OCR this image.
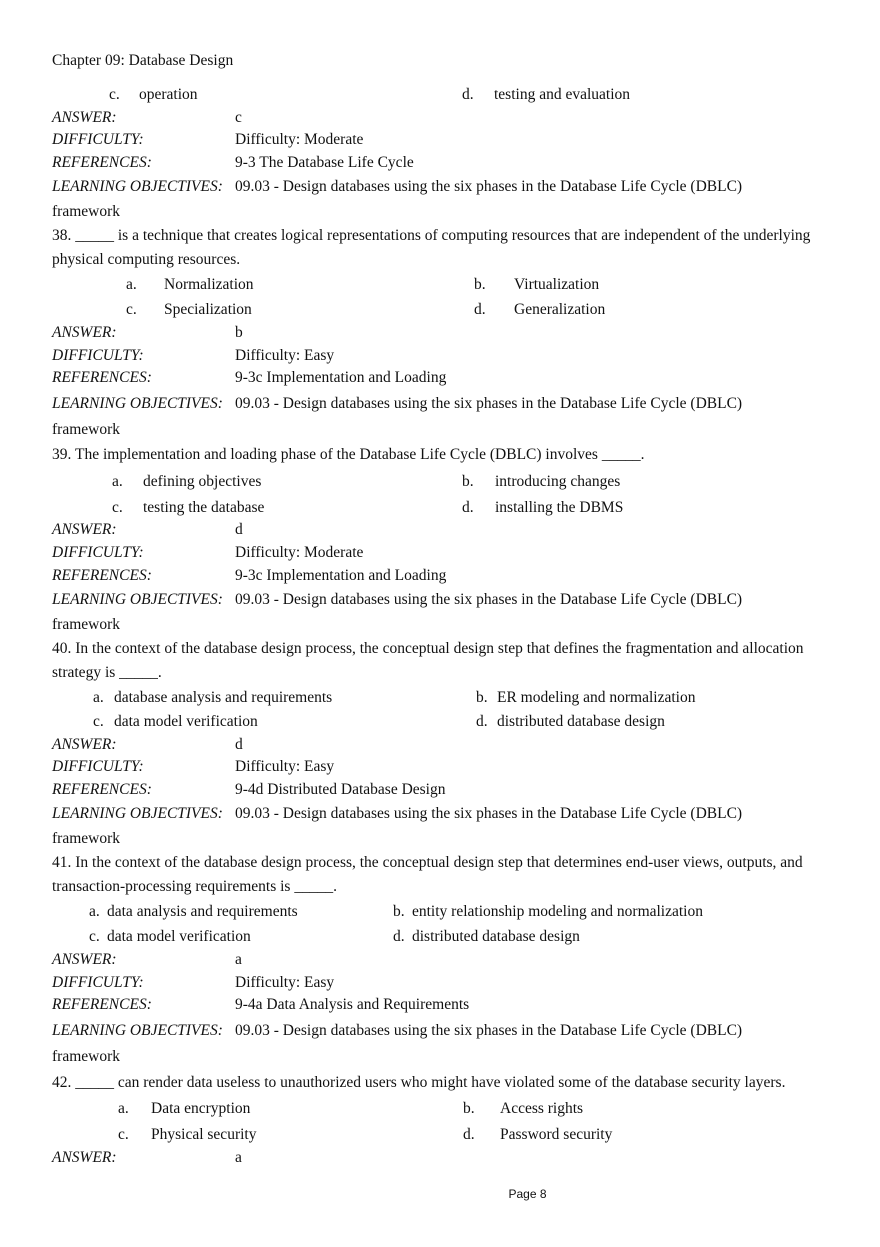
Chapter 09: Database Design
c. operation	d. testing and evaluation
ANSWER:	c
DIFFICULTY:	Difficulty: Moderate
REFERENCES:	9-3 The Database Life Cycle
LEARNING OBJECTIVES: 09.03 - Design databases using the six phases in the Database Life Cycle (DBLC)
framework
38. _____ is a technique that creates logical representations of computing resources that are independent of the underlying physical computing resources.
a. Normalization	b. Virtualization
c. Specialization	d. Generalization
ANSWER:	b
DIFFICULTY:	Difficulty: Easy
REFERENCES:	9-3c Implementation and Loading
LEARNING OBJECTIVES: 09.03 - Design databases using the six phases in the Database Life Cycle (DBLC)
framework
39. The implementation and loading phase of the Database Life Cycle (DBLC) involves _____.
a. defining objectives	b. introducing changes
c. testing the database	d. installing the DBMS
ANSWER:	d
DIFFICULTY:	Difficulty: Moderate
REFERENCES:	9-3c Implementation and Loading
LEARNING OBJECTIVES: 09.03 - Design databases using the six phases in the Database Life Cycle (DBLC)
framework
40. In the context of the database design process, the conceptual design step that defines the fragmentation and allocation strategy is _____.
a. database analysis and requirements	b. ER modeling and normalization
c. data model verification	d. distributed database design
ANSWER:	d
DIFFICULTY:	Difficulty: Easy
REFERENCES:	9-4d Distributed Database Design
LEARNING OBJECTIVES: 09.03 - Design databases using the six phases in the Database Life Cycle (DBLC)
framework
41. In the context of the database design process, the conceptual design step that determines end-user views, outputs, and transaction-processing requirements is _____.
a. data analysis and requirements	b. entity relationship modeling and normalization
c. data model verification	d. distributed database design
ANSWER:	a
DIFFICULTY:	Difficulty: Easy
REFERENCES:	9-4a Data Analysis and Requirements
LEARNING OBJECTIVES: 09.03 - Design databases using the six phases in the Database Life Cycle (DBLC)
framework
42. _____ can render data useless to unauthorized users who might have violated some of the database security layers.
a. Data encryption	b. Access rights
c. Physical security	d. Password security
ANSWER:	a
Page 8
